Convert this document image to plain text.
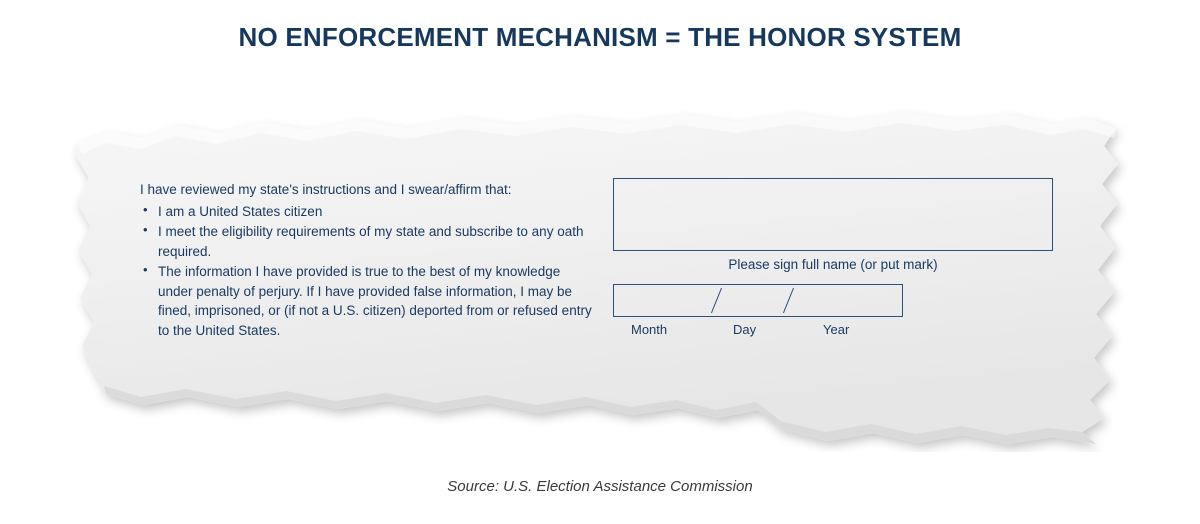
NO ENFORCEMENT MECHANISM = THE HONOR SYSTEM

I have reviewed my state's instructions and I swear/affirm that:

• I am a United States citizen
• I meet the eligibility requirements of my state and subscribe to any oath required.
• The information I have provided is true to the best of my knowledge under penalty of perjury. If I have provided false information, I may be fined, imprisoned, or (if not a U.S. citizen) deported from or refused entry to the United States.
Please sign full name (or put mark)
Month	Day	Year
Source: U.S. Election Assistance Commission
